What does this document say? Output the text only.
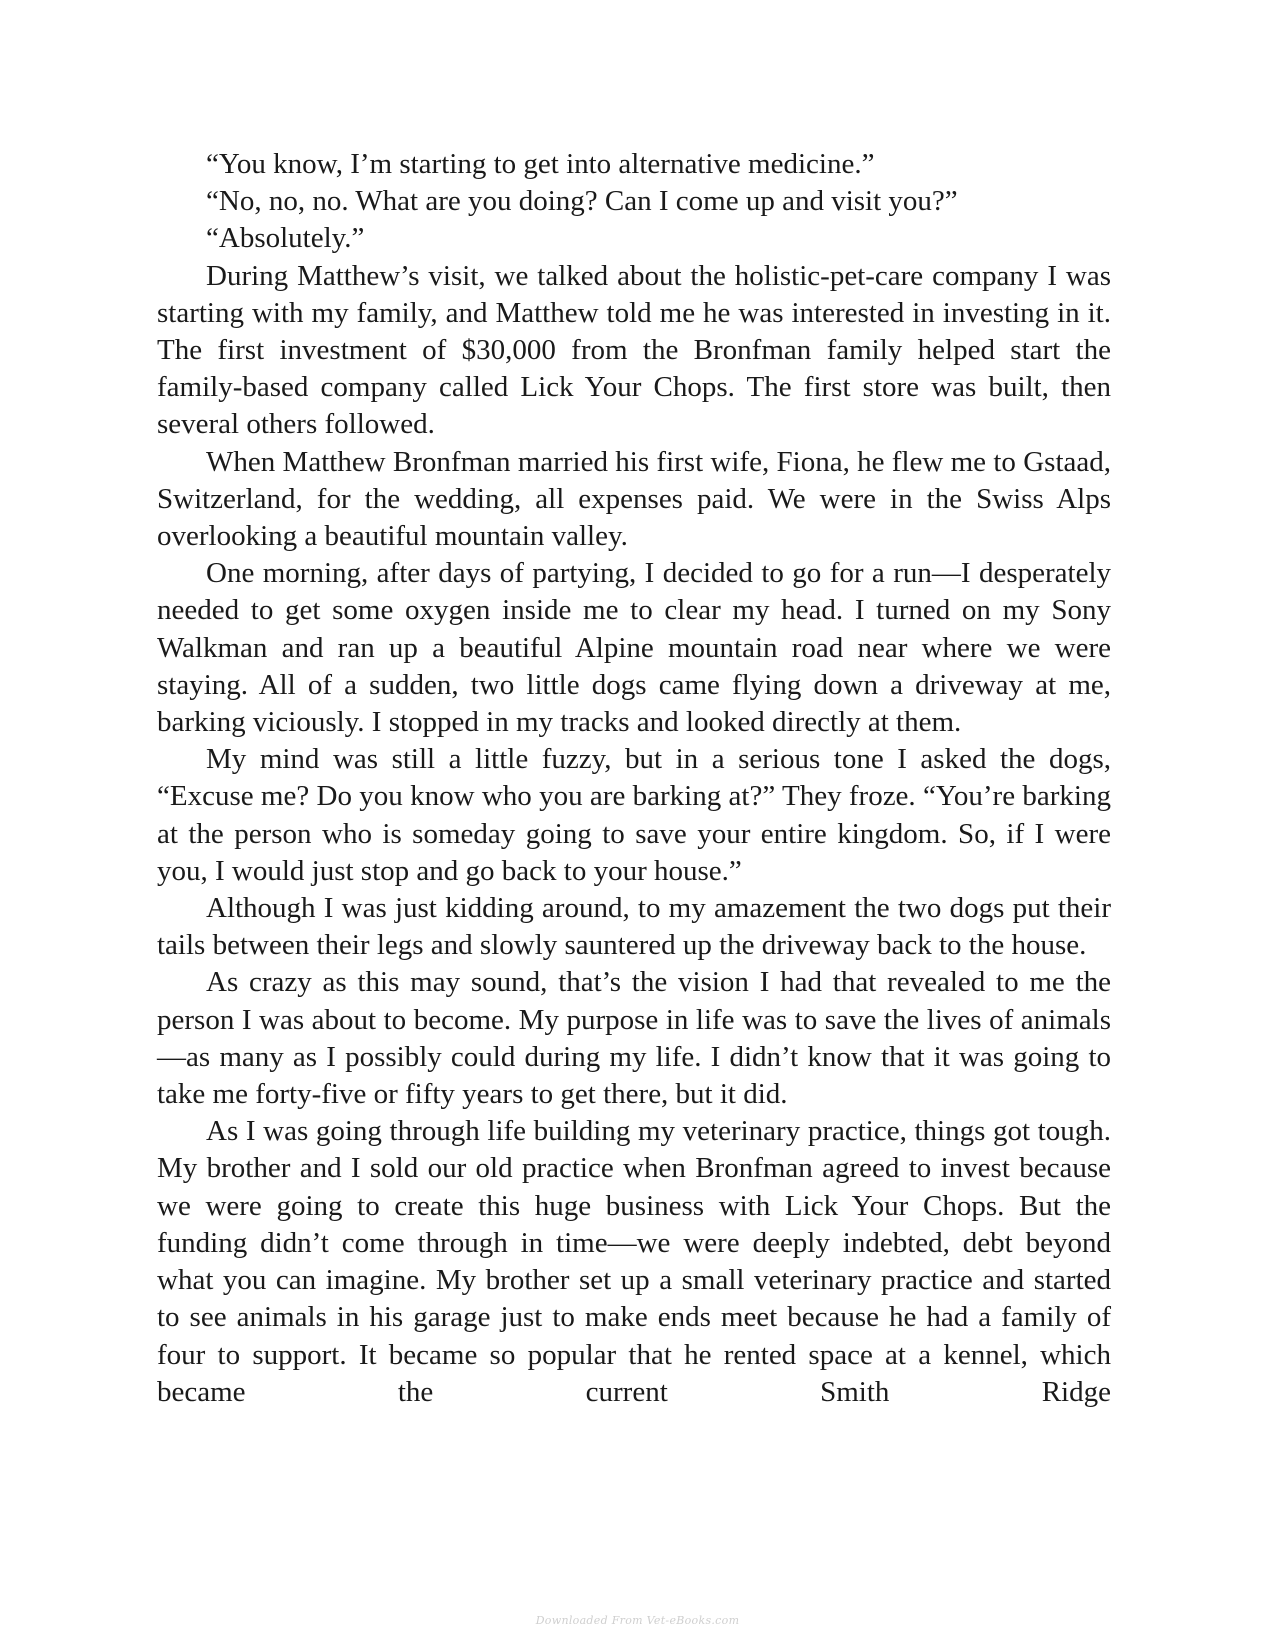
“You know, I’m starting to get into alternative medicine.”

“No, no, no. What are you doing? Can I come up and visit you?”

“Absolutely.”

During Matthew’s visit, we talked about the holistic-pet-care company I was starting with my family, and Matthew told me he was interested in investing in it. The first investment of $30,000 from the Bronfman family helped start the family-based company called Lick Your Chops. The first store was built, then several others followed.

When Matthew Bronfman married his first wife, Fiona, he flew me to Gstaad, Switzerland, for the wedding, all expenses paid. We were in the Swiss Alps overlooking a beautiful mountain valley.

One morning, after days of partying, I decided to go for a run—I desperately needed to get some oxygen inside me to clear my head. I turned on my Sony Walkman and ran up a beautiful Alpine mountain road near where we were staying. All of a sudden, two little dogs came flying down a driveway at me, barking viciously. I stopped in my tracks and looked directly at them.

My mind was still a little fuzzy, but in a serious tone I asked the dogs, “Excuse me? Do you know who you are barking at?” They froze. “You’re barking at the person who is someday going to save your entire kingdom. So, if I were you, I would just stop and go back to your house.”

Although I was just kidding around, to my amazement the two dogs put their tails between their legs and slowly sauntered up the driveway back to the house.

As crazy as this may sound, that’s the vision I had that revealed to me the person I was about to become. My purpose in life was to save the lives of animals—as many as I possibly could during my life. I didn’t know that it was going to take me forty-five or fifty years to get there, but it did.

As I was going through life building my veterinary practice, things got tough. My brother and I sold our old practice when Bronfman agreed to invest because we were going to create this huge business with Lick Your Chops. But the funding didn’t come through in time—we were deeply indebted, debt beyond what you can imagine. My brother set up a small veterinary practice and started to see animals in his garage just to make ends meet because he had a family of four to support. It became so popular that he rented space at a kennel, which became the current Smith Ridge

Downloaded From Vet-eBooks.com
